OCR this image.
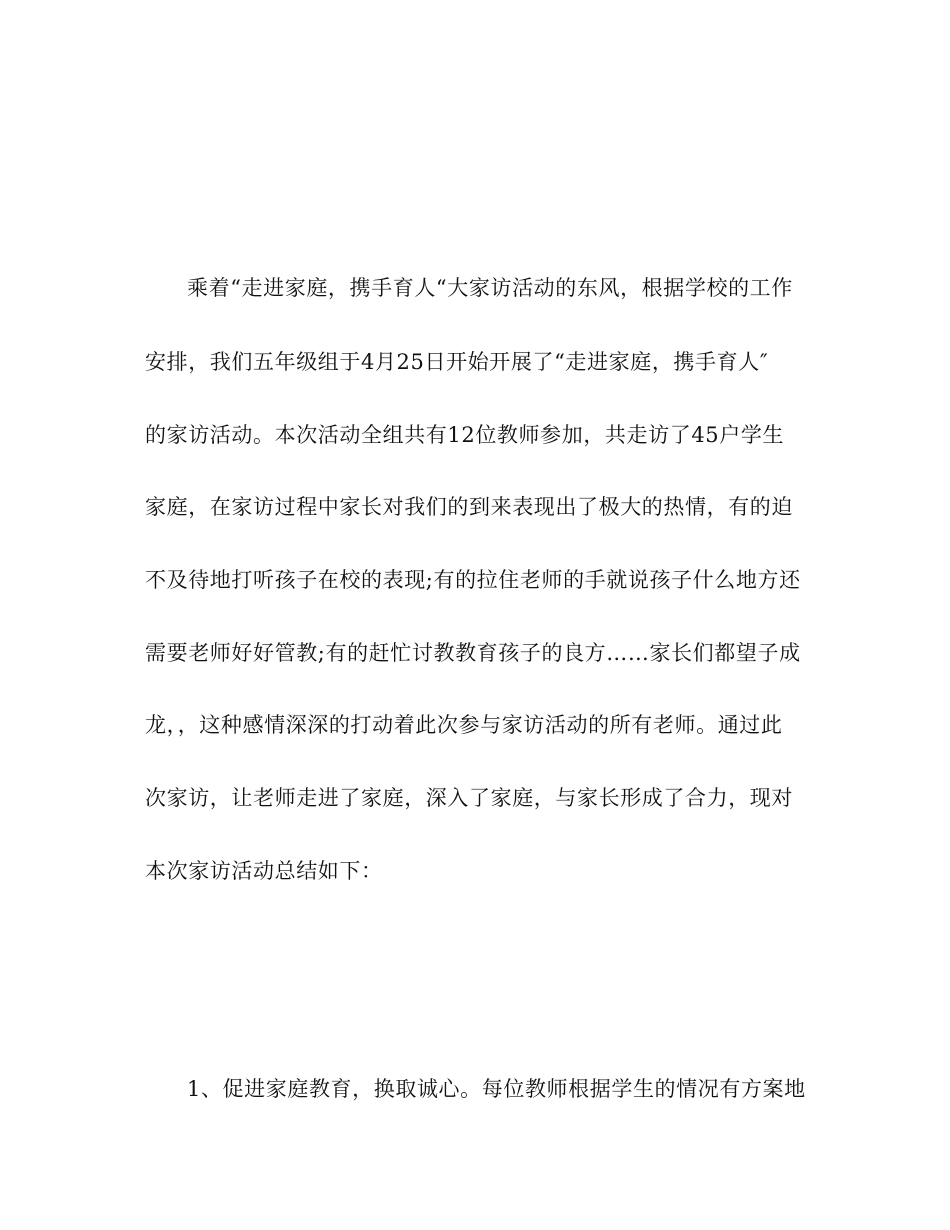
乘着“走进家庭，携手育人“大家访活动的东风，根据学校的工作
安排，我们五年级组于4月25日开始开展了“走进家庭，携手育人″
的家访活动。本次活动全组共有12位教师参加，共走访了45户学生
家庭，在家访过程中家长对我们的到来表现出了极大的热情，有的迫
不及待地打听孩子在校的表现;有的拉住老师的手就说孩子什么地方还
需要老师好好管教;有的赶忙讨教教育孩子的良方……家长们都望子成
龙，，这种感情深深的打动着此次参与家访活动的所有老师。通过此
次家访，让老师走进了家庭，深入了家庭，与家长形成了合力，现对
本次家访活动总结如下：
1、促进家庭教育，换取诚心。每位教师根据学生的情况有方案地
